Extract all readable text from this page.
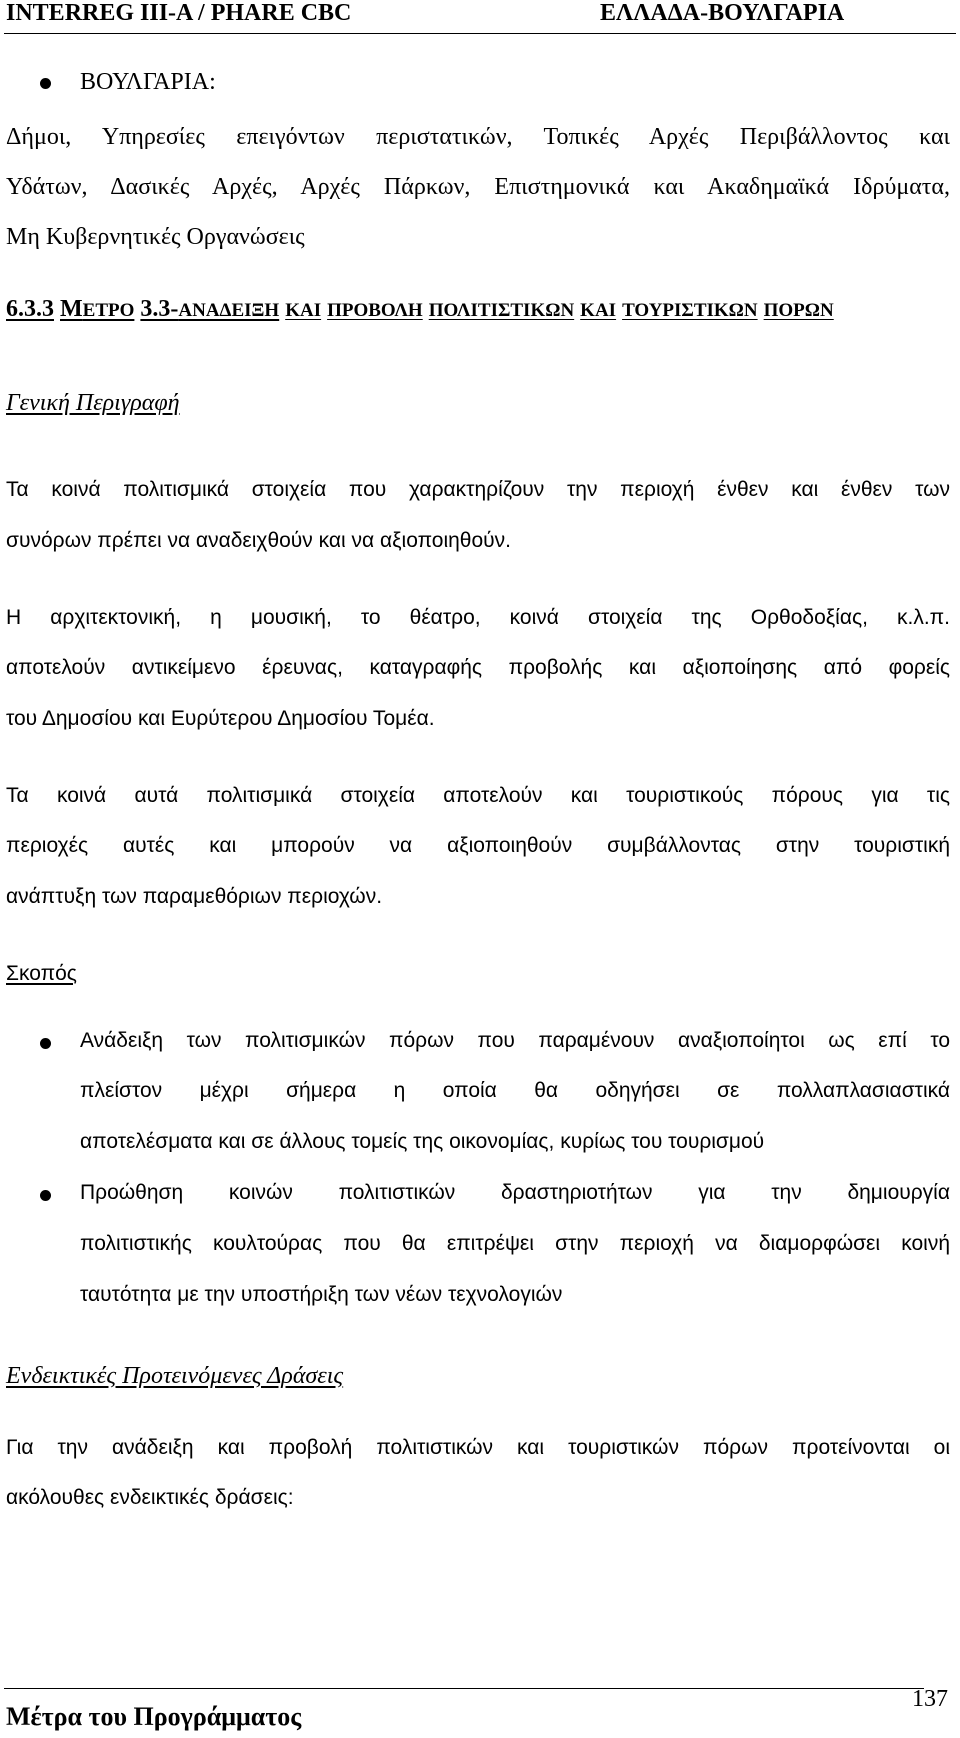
INTERREG III-A / PHARE CBC	ΕΛΛΑΔΑ-ΒΟΥΛΓΑΡΙΑ
ΒΟΥΛΓΑΡΙΑ:
Δήμοι, Υπηρεσίες επειγόντων περιστατικών, Τοπικές Αρχές Περιβάλλοντος και
Υδάτων, Δασικές Αρχές, Αρχές Πάρκων, Επιστημονικά και Ακαδημαϊκά Ιδρύματα,
Μη Κυβερνητικές Οργανώσεις
6.3.3 ΜΕΤΡΟ 3.3-ΑΝΑΔΕΙΞΗ ΚΑΙ ΠΡΟΒΟΛΗ ΠΟΛΙΤΙΣΤΙΚΩΝ ΚΑΙ ΤΟΥΡΙΣΤΙΚΩΝ ΠΟΡΩΝ
Γενική Περιγραφή
Τα κοινά πολιτισμικά στοιχεία που χαρακτηρίζουν την περιοχή ένθεν και ένθεν των
συνόρων πρέπει να αναδειχθούν και να αξιοποιηθούν.
Η αρχιτεκτονική, η μουσική, το θέατρο, κοινά στοιχεία της Ορθοδοξίας, κ.λ.π.
αποτελούν αντικείμενο έρευνας, καταγραφής προβολής και αξιοποίησης από φορείς
του Δημοσίου και Ευρύτερου Δημοσίου Τομέα.
Τα κοινά αυτά πολιτισμικά στοιχεία αποτελούν και τουριστικούς πόρους για τις
περιοχές αυτές και μπορούν να αξιοποιηθούν συμβάλλοντας στην τουριστική
ανάπτυξη των παραμεθόριων περιοχών.
Σκοπός
Ανάδειξη των πολιτισμικών πόρων που παραμένουν αναξιοποίητοι ως επί το
πλείστον μέχρι σήμερα η οποία θα οδηγήσει σε πολλαπλασιαστικά
αποτελέσματα και σε άλλους τομείς της οικονομίας, κυρίως του τουρισμού
Προώθηση κοινών πολιτιστικών δραστηριοτήτων για την δημιουργία
πολιτιστικής κουλτούρας που θα επιτρέψει στην περιοχή να διαμορφώσει κοινή
ταυτότητα με την υποστήριξη των νέων τεχνολογιών
Ενδεικτικές Προτεινόμενες Δράσεις
Για την ανάδειξη και προβολή πολιτιστικών και τουριστικών πόρων προτείνονται οι
ακόλουθες ενδεικτικές δράσεις:
Μέτρα του Προγράμματος
137
